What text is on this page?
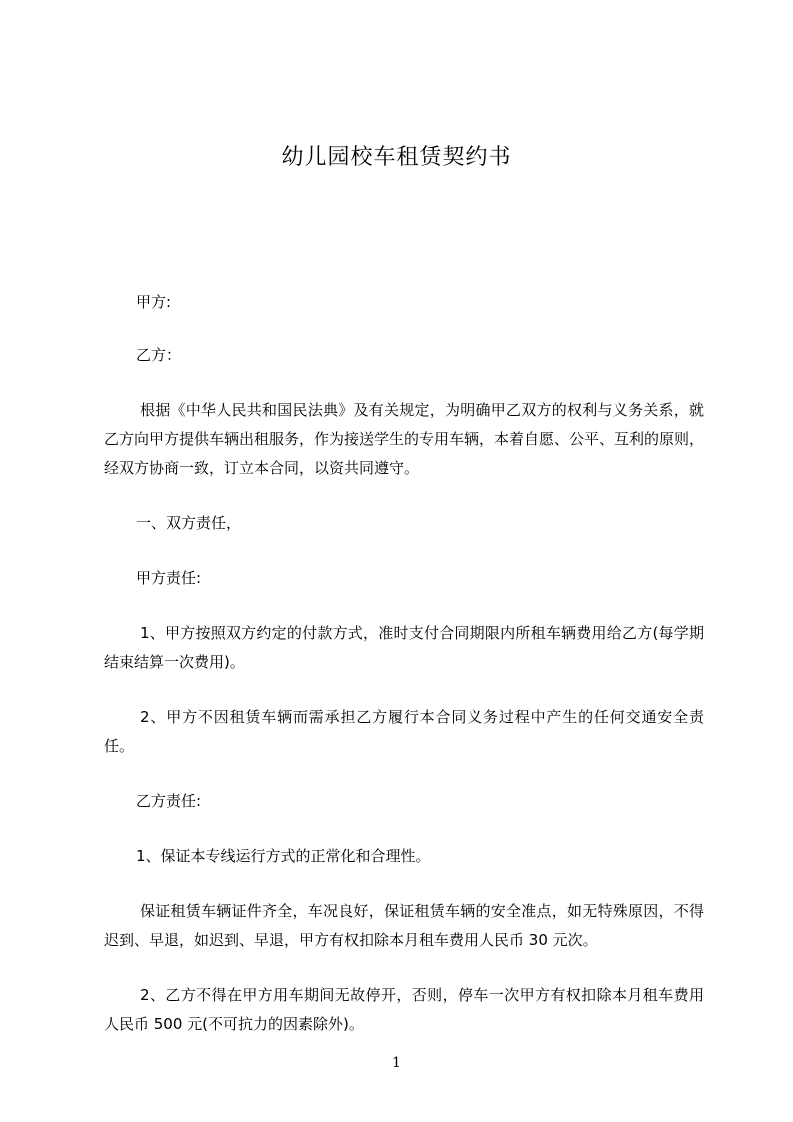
幼儿园校车租赁契约书

甲方:

乙方：

根据《中华人民共和国民法典》及有关规定，为明确甲乙双方的权利与义务关系，就乙方向甲方提供车辆出租服务，作为接送学生的专用车辆，本着自愿、公平、互利的原则，经双方协商一致，订立本合同，以资共同遵守。

一、双方责任，

甲方责任:

1、甲方按照双方约定的付款方式，准时支付合同期限内所租车辆费用给乙方(每学期结束结算一次费用)。

2、甲方不因租赁车辆而需承担乙方履行本合同义务过程中产生的任何交通安全责任。

乙方责任:

1、保证本专线运行方式的正常化和合理性。

保证租赁车辆证件齐全，车况良好，保证租赁车辆的安全准点，如无特殊原因，不得迟到、早退，如迟到、早退，甲方有权扣除本月租车费用人民币 30 元次。

2、乙方不得在甲方用车期间无故停开，否则，停车一次甲方有权扣除本月租车费用人民币 500 元(不可抗力的因素除外)。

1
